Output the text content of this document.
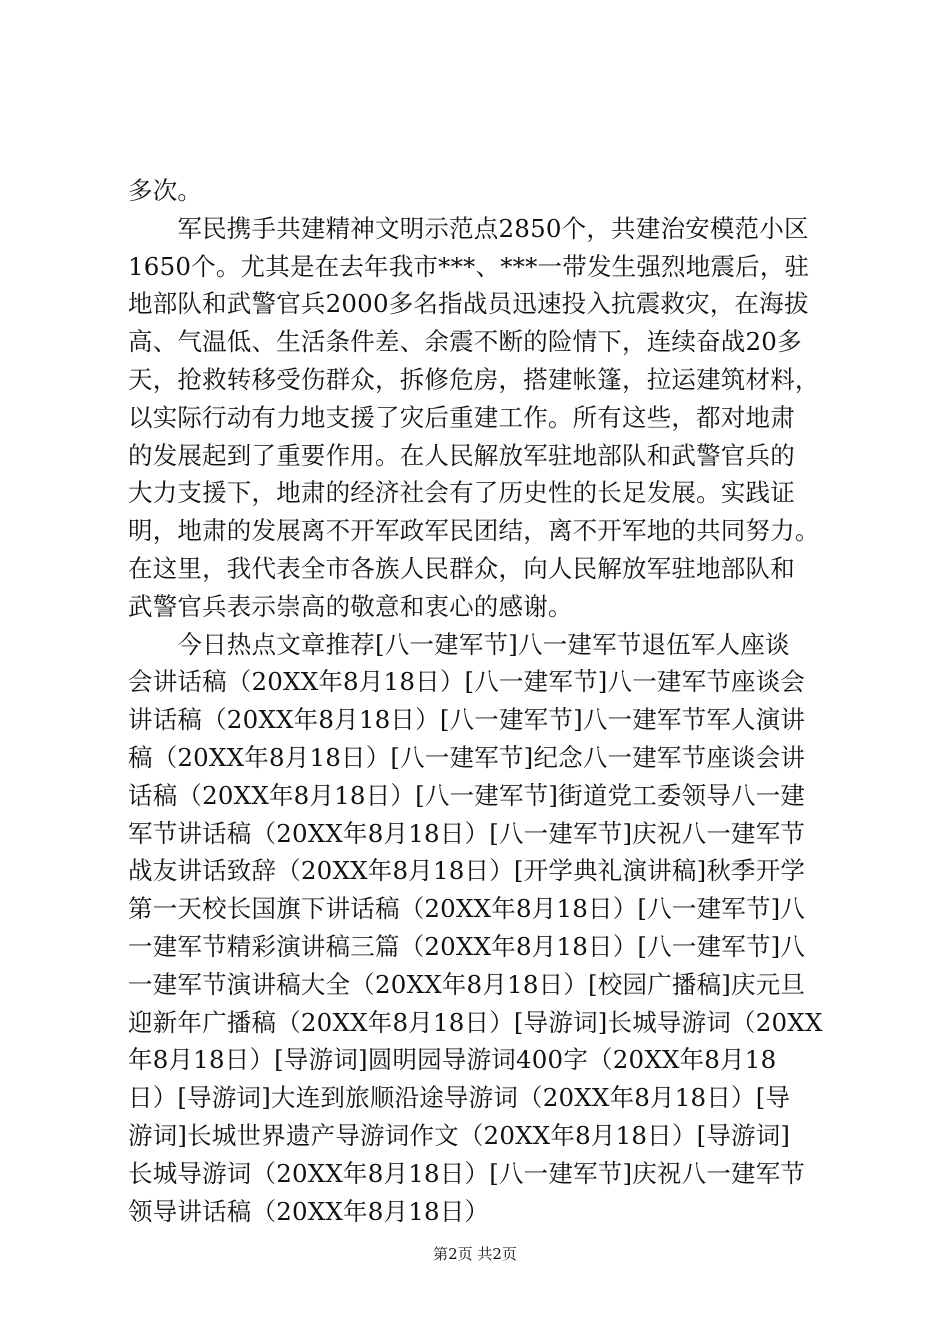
多次。
　　军民携手共建精神文明示范点2850个，共建治安模范小区
1650个。尤其是在去年我市***、***一带发生强烈地震后，驻
地部队和武警官兵2000多名指战员迅速投入抗震救灾，在海拔
高、气温低、生活条件差、余震不断的险情下，连续奋战20多
天，抢救转移受伤群众，拆修危房，搭建帐篷，拉运建筑材料，
以实际行动有力地支援了灾后重建工作。所有这些，都对地肃
的发展起到了重要作用。在人民解放军驻地部队和武警官兵的
大力支援下，地肃的经济社会有了历史性的长足发展。实践证
明，地肃的发展离不开军政军民团结，离不开军地的共同努力。
在这里，我代表全市各族人民群众，向人民解放军驻地部队和
武警官兵表示崇高的敬意和衷心的感谢。
　　今日热点文章推荐[八一建军节]八一建军节退伍军人座谈
会讲话稿（20XX年8月18日）[八一建军节]八一建军节座谈会
讲话稿（20XX年8月18日）[八一建军节]八一建军节军人演讲
稿（20XX年8月18日）[八一建军节]纪念八一建军节座谈会讲
话稿（20XX年8月18日）[八一建军节]街道党工委领导八一建
军节讲话稿（20XX年8月18日）[八一建军节]庆祝八一建军节
战友讲话致辞（20XX年8月18日）[开学典礼演讲稿]秋季开学
第一天校长国旗下讲话稿（20XX年8月18日）[八一建军节]八
一建军节精彩演讲稿三篇（20XX年8月18日）[八一建军节]八
一建军节演讲稿大全（20XX年8月18日）[校园广播稿]庆元旦
迎新年广播稿（20XX年8月18日）[导游词]长城导游词（20XX
年8月18日）[导游词]圆明园导游词400字（20XX年8月18
日）[导游词]大连到旅顺沿途导游词（20XX年8月18日）[导
游词]长城世界遗产导游词作文（20XX年8月18日）[导游词]
长城导游词（20XX年8月18日）[八一建军节]庆祝八一建军节
领导讲话稿（20XX年8月18日）
第2页 共2页
